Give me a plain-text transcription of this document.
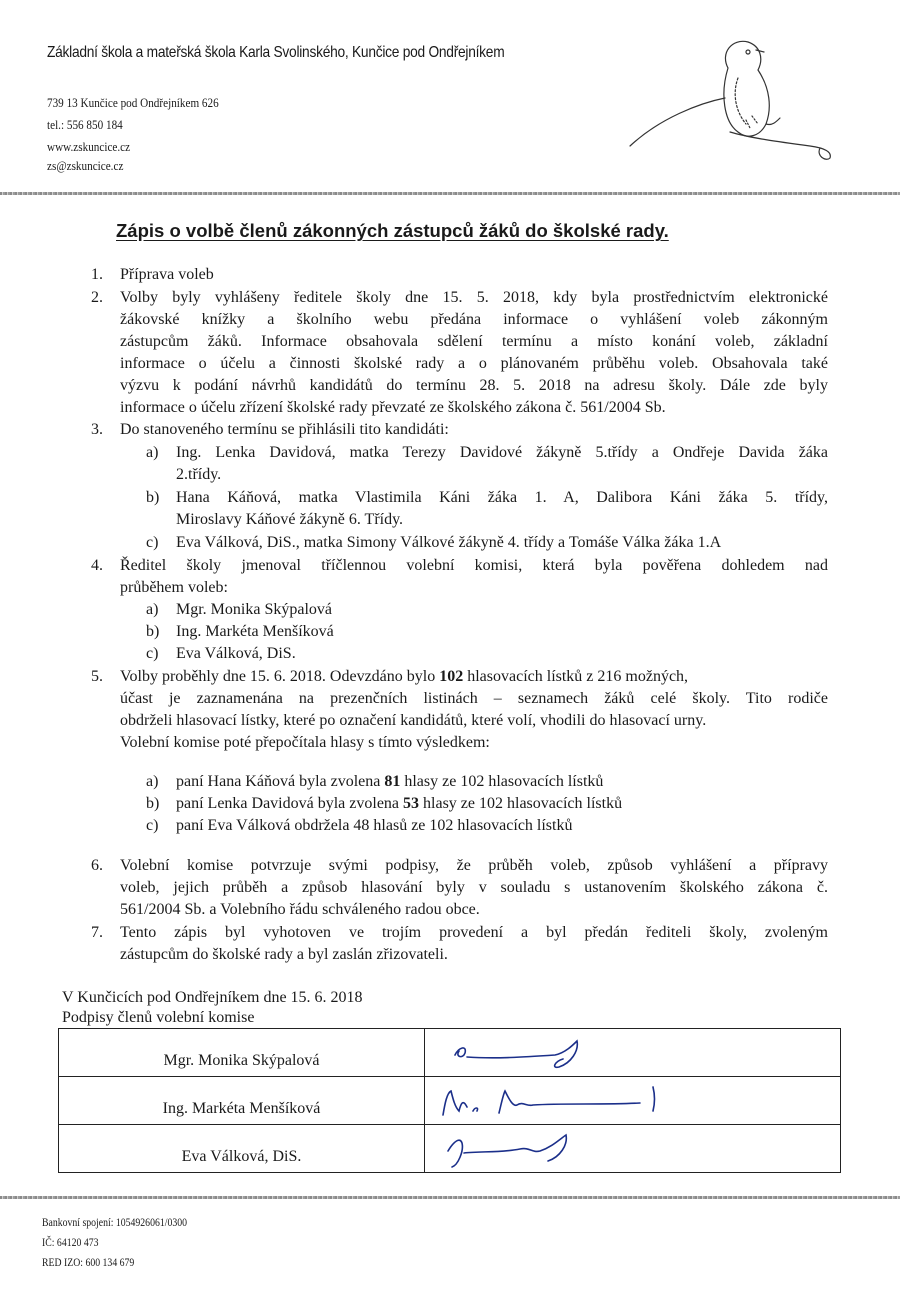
Základní škola a mateřská škola Karla Svolinského, Kunčice pod Ondřejníkem
739 13 Kunčice pod Ondřejníkem 626
tel.: 556 850 184
www.zskuncice.cz
zs@zskuncice.cz
Zápis o volbě členů zákonných zástupců žáků do školské rady.
1. Příprava voleb
2. Volby byly vyhlášeny ředitele školy dne 15. 5. 2018, kdy byla prostřednictvím elektronické
žákovské knížky a školního webu předána informace o vyhlášení voleb zákonným
zástupcům žáků. Informace obsahovala sdělení termínu a místo konání voleb, základní
informace o účelu a činnosti školské rady a o plánovaném průběhu voleb. Obsahovala také
výzvu k podání návrhů kandidátů do termínu 28. 5. 2018 na adresu školy. Dále zde byly
informace o účelu zřízení školské rady převzaté ze školského zákona č. 561/2004 Sb.
3. Do stanoveného termínu se přihlásili tito kandidáti:
a) Ing. Lenka Davidová, matka Terezy Davidové žákyně 5.třídy a Ondřeje Davida žáka
2.třídy.
b) Hana Káňová, matka Vlastimila Káni žáka 1. A, Dalibora Káni žáka 5. třídy,
Miroslavy Káňové žákyně 6. Třídy.
c) Eva Válková, DiS., matka Simony Válkové žákyně 4. třídy a Tomáše Válka žáka 1.A
4. Ředitel školy jmenoval tříčlennou volební komisi, která byla pověřena dohledem nad
průběhem voleb:
a) Mgr. Monika Skýpalová
b) Ing. Markéta Menšíková
c) Eva Válková, DiS.
5. Volby proběhly dne 15. 6. 2018. Odevzdáno bylo 102 hlasovacích lístků z 216 možných,
účast je zaznamenána na prezenčních listinách – seznamech žáků celé školy. Tito rodiče
obdrželi hlasovací lístky, které po označení kandidátů, které volí, vhodili do hlasovací urny.
Volební komise poté přepočítala hlasy s tímto výsledkem:
a) paní Hana Káňová byla zvolena 81 hlasy ze 102 hlasovacích lístků
b) paní Lenka Davidová byla zvolena 53 hlasy ze 102 hlasovacích lístků
c) paní Eva Válková obdržela 48 hlasů ze 102 hlasovacích lístků
6. Volební komise potvrzuje svými podpisy, že průběh voleb, způsob vyhlášení a přípravy
voleb, jejich průběh a způsob hlasování byly v souladu s ustanovením školského zákona č.
561/2004 Sb. a Volebního řádu schváleného radou obce.
7. Tento zápis byl vyhotoven ve trojím provedení a byl předán řediteli školy, zvoleným
zástupcům do školské rady a byl zaslán zřizovateli.
V Kunčicích pod Ondřejníkem dne 15. 6. 2018
Podpisy členů volební komise
Mgr. Monika Skýpalová	

Ing. Markéta Menšíková	

Eva Válková, DiS.	
Bankovní spojení: 1054926061/0300
IČ: 64120 473
RED IZO: 600 134 679
